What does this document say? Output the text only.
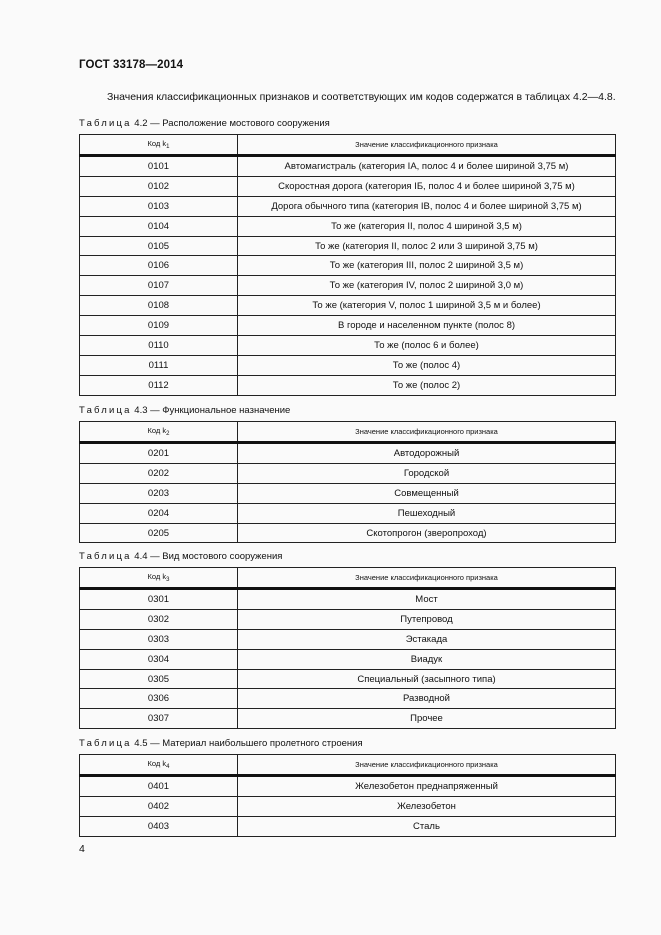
ГОСТ 33178—2014
Значения классификационных признаков и соответствующих им кодов содержатся в таблицах 4.2—4.8.
Таблица 4.2 — Расположение мостового сооружения
Код $k_1$	Значение классификационного признака
0101	Автомагистраль (категория IА, полос 4 и более шириной 3,75 м)
0102	Скоростная дорога (категория IБ, полос 4 и более шириной 3,75 м)
0103	Дорога обычного типа (категория IВ, полос 4 и более шириной 3,75 м)
0104	То же (категория II, полос 4 шириной 3,5 м)
0105	То же (категория II, полос 2 или 3 шириной 3,75 м)
0106	То же (категория III, полос 2 шириной 3,5 м)
0107	То же (категория IV, полос 2 шириной 3,0 м)
0108	То же (категория V, полос 1 шириной 3,5 м и более)
0109	В городе и населенном пункте (полос 8)
0110	То же (полос 6 и более)
0111	То же (полос 4)
0112	То же (полос 2)
Таблица 4.3 — Функциональное назначение
Код $k_2$	Значение классификационного признака
0201	Автодорожный
0202	Городской
0203	Совмещенный
0204	Пешеходный
0205	Скотопрогон (зверопроход)
Таблица 4.4 — Вид мостового сооружения
Код $k_3$	Значение классификационного признака
0301	Мост
0302	Путепровод
0303	Эстакада
0304	Виадук
0305	Специальный (засыпного типа)
0306	Разводной
0307	Прочее
Таблица 4.5 — Материал наибольшего пролетного строения
Код $k_4$	Значение классификационного признака
0401	Железобетон преднапряженный
0402	Железобетон
0403	Сталь
4
